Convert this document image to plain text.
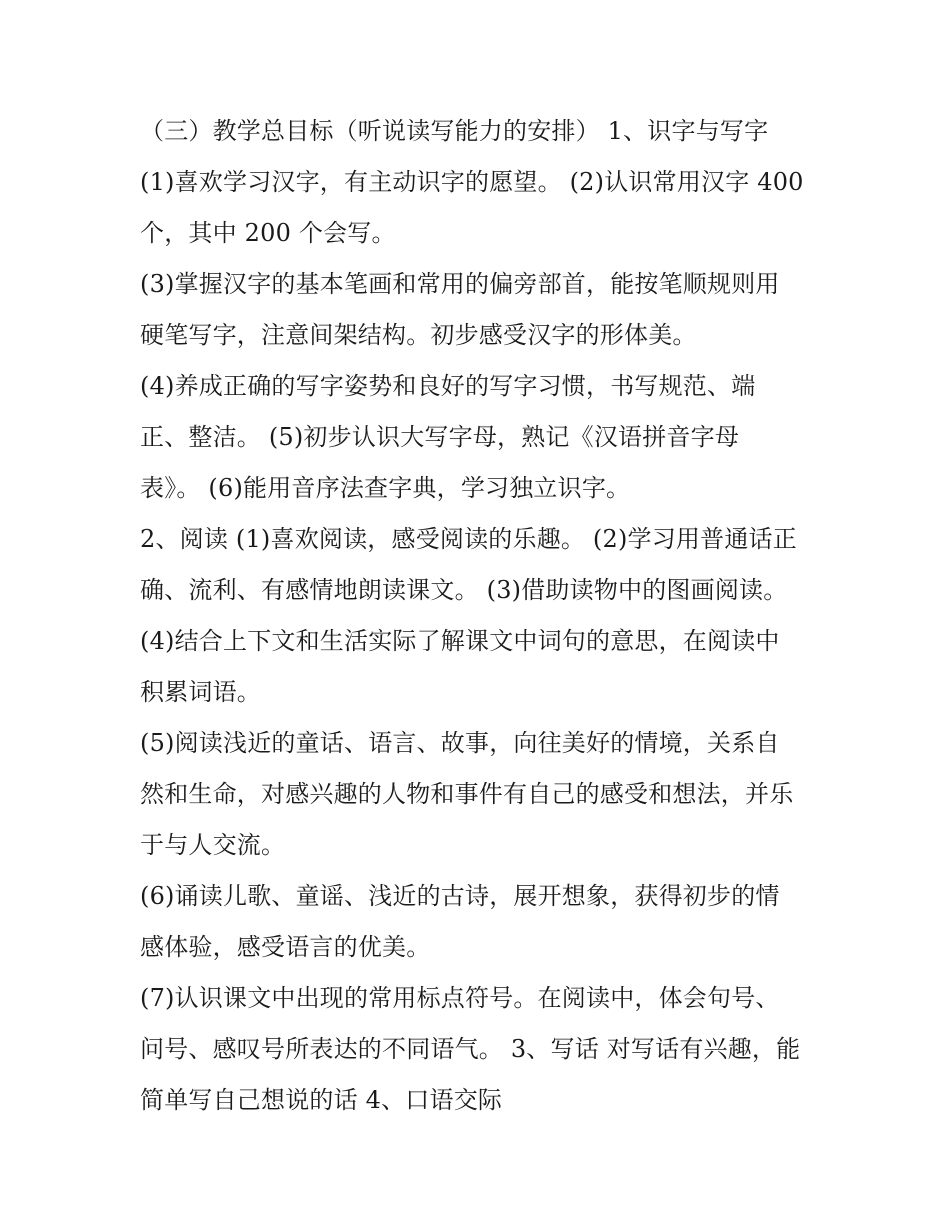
（三）教学总目标（听说读写能力的安排） 1、识字与写字
(1)喜欢学习汉字，有主动识字的愿望。 (2)认识常用汉字 400
个，其中 200 个会写。
(3)掌握汉字的基本笔画和常用的偏旁部首，能按笔顺规则用
硬笔写字，注意间架结构。初步感受汉字的形体美。
(4)养成正确的写字姿势和良好的写字习惯，书写规范、端
正、整洁。 (5)初步认识大写字母，熟记《汉语拼音字母
表》。 (6)能用音序法查字典，学习独立识字。
2、阅读 (1)喜欢阅读，感受阅读的乐趣。 (2)学习用普通话正
确、流利、有感情地朗读课文。 (3)借助读物中的图画阅读。
(4)结合上下文和生活实际了解课文中词句的意思，在阅读中
积累词语。
(5)阅读浅近的童话、语言、故事，向往美好的情境，关系自
然和生命，对感兴趣的人物和事件有自己的感受和想法，并乐
于与人交流。
(6)诵读儿歌、童谣、浅近的古诗，展开想象，获得初步的情
感体验，感受语言的优美。
(7)认识课文中出现的常用标点符号。在阅读中，体会句号、
问号、感叹号所表达的不同语气。 3、写话 对写话有兴趣，能
简单写自己想说的话 4、口语交际
